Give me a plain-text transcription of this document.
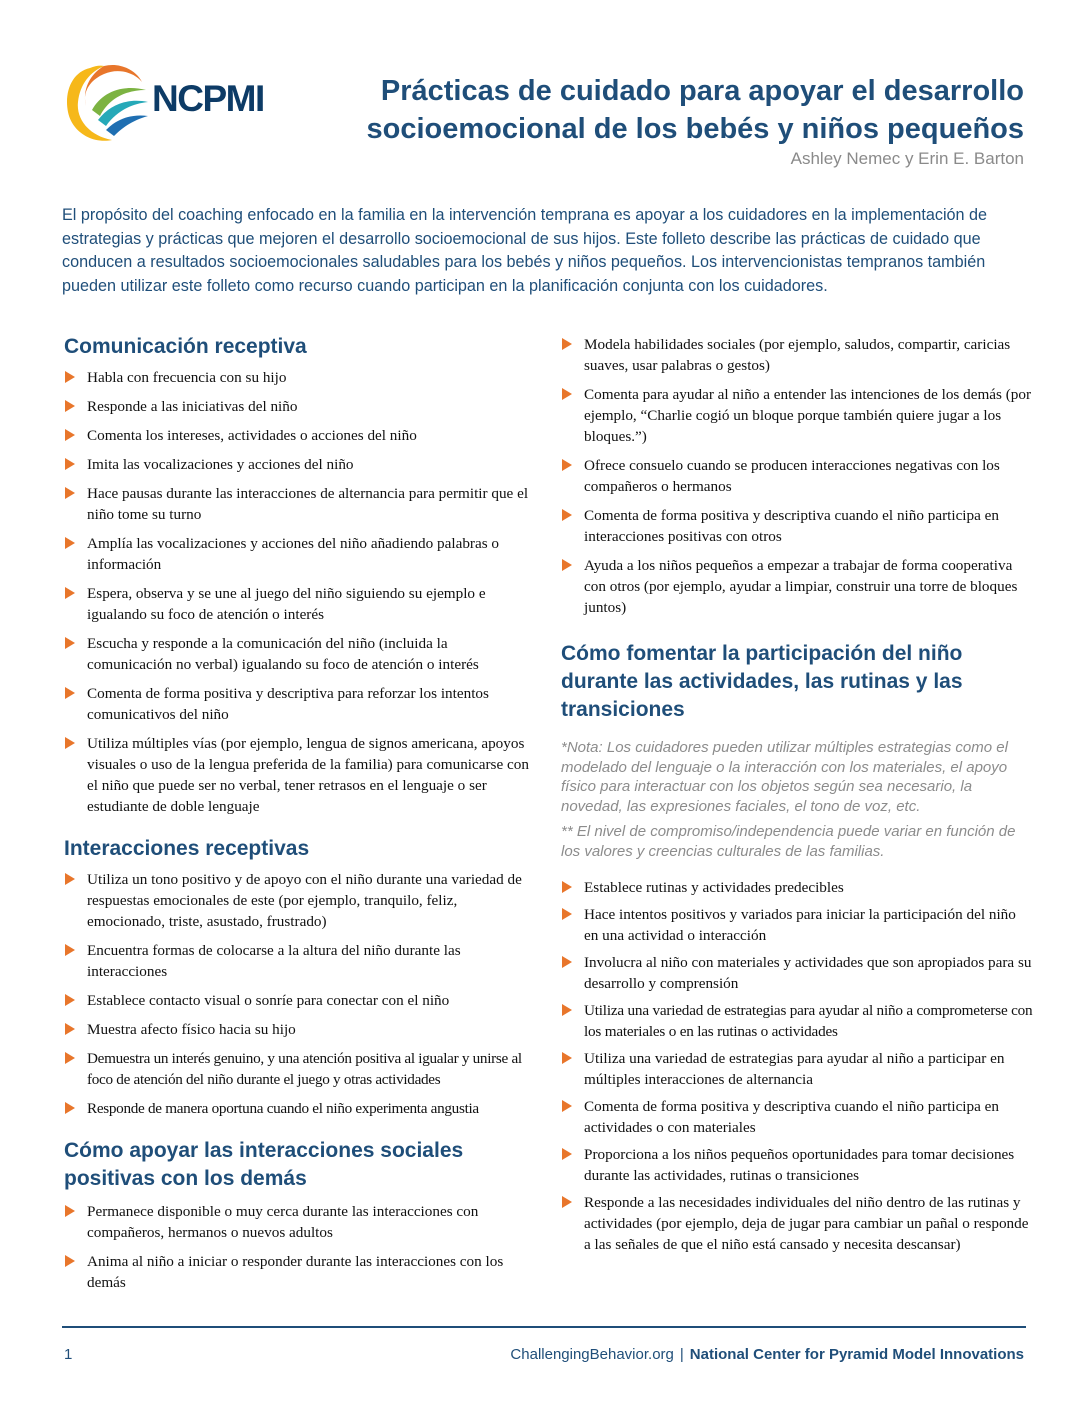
NCPMI	Prácticas de cuidado para apoyar el desarrollo
socioemocional de los bebés y niños pequeños
Ashley Nemec y Erin E. Barton
El propósito del coaching enfocado en la familia en la intervención temprana es apoyar a los cuidadores en la implementación de estrategias y prácticas que mejoren el desarrollo socioemocional de sus hijos. Este folleto describe las prácticas de cuidado que conducen a resultados socioemocionales saludables para los bebés y niños pequeños. Los intervencionistas tempranos también pueden utilizar este folleto como recurso cuando participan en la planificación conjunta con los cuidadores.
Comunicación receptiva
Habla con frecuencia con su hijo
Responde a las iniciativas del niño
Comenta los intereses, actividades o acciones del niño
Imita las vocalizaciones y acciones del niño
Hace pausas durante las interacciones de alternancia para permitir que el niño tome su turno
Amplía las vocalizaciones y acciones del niño añadiendo palabras o información
Espera, observa y se une al juego del niño siguiendo su ejemplo e igualando su foco de atención o interés
Escucha y responde a la comunicación del niño (incluida la comunicación no verbal) igualando su foco de atención o interés
Comenta de forma positiva y descriptiva para reforzar los intentos comunicativos del niño
Utiliza múltiples vías (por ejemplo, lengua de signos americana, apoyos visuales o uso de la lengua preferida de la familia) para comunicarse con el niño que puede ser no verbal, tener retrasos en el lenguaje o ser estudiante de doble lenguaje
Interacciones receptivas
Utiliza un tono positivo y de apoyo con el niño durante una variedad de respuestas emocionales de este (por ejemplo, tranquilo, feliz, emocionado, triste, asustado, frustrado)
Encuentra formas de colocarse a la altura del niño durante las interacciones
Establece contacto visual o sonríe para conectar con el niño
Muestra afecto físico hacia su hijo
Demuestra un interés genuino, y una atención positiva al igualar y unirse al foco de atención del niño durante el juego y otras actividades
Responde de manera oportuna cuando el niño experimenta angustia
Cómo apoyar las interacciones sociales positivas con los demás
Permanece disponible o muy cerca durante las interacciones con compañeros, hermanos o nuevos adultos
Anima al niño a iniciar o responder durante las interacciones con los demás
Modela habilidades sociales (por ejemplo, saludos, compartir, caricias suaves, usar palabras o gestos)
Comenta para ayudar al niño a entender las intenciones de los demás (por ejemplo, “Charlie cogió un bloque porque también quiere jugar a los bloques.”)
Ofrece consuelo cuando se producen interacciones negativas con los compañeros o hermanos
Comenta de forma positiva y descriptiva cuando el niño participa en interacciones positivas con otros
Ayuda a los niños pequeños a empezar a trabajar de forma cooperativa con otros (por ejemplo, ayudar a limpiar, construir una torre de bloques juntos)
Cómo fomentar la participación del niño durante las actividades, las rutinas y las transiciones
*Nota: Los cuidadores pueden utilizar múltiples estrategias como el modelado del lenguaje o la interacción con los materiales, el apoyo físico para interactuar con los objetos según sea necesario, la novedad, las expresiones faciales, el tono de voz, etc.
** El nivel de compromiso/independencia puede variar en función de los valores y creencias culturales de las familias.
Establece rutinas y actividades predecibles
Hace intentos positivos y variados para iniciar la participación del niño en una actividad o interacción
Involucra al niño con materiales y actividades que son apropiados para su desarrollo y comprensión
Utiliza una variedad de estrategias para ayudar al niño a comprometerse con los materiales o en las rutinas o actividades
Utiliza una variedad de estrategias para ayudar al niño a participar en múltiples interacciones de alternancia
Comenta de forma positiva y descriptiva cuando el niño participa en actividades o con materiales
Proporciona a los niños pequeños oportunidades para tomar decisiones durante las actividades, rutinas o transiciones
Responde a las necesidades individuales del niño dentro de las rutinas y actividades (por ejemplo, deja de jugar para cambiar un pañal o responde a las señales de que el niño está cansado y necesita descansar)
1	ChallengingBehavior.org | National Center for Pyramid Model Innovations
